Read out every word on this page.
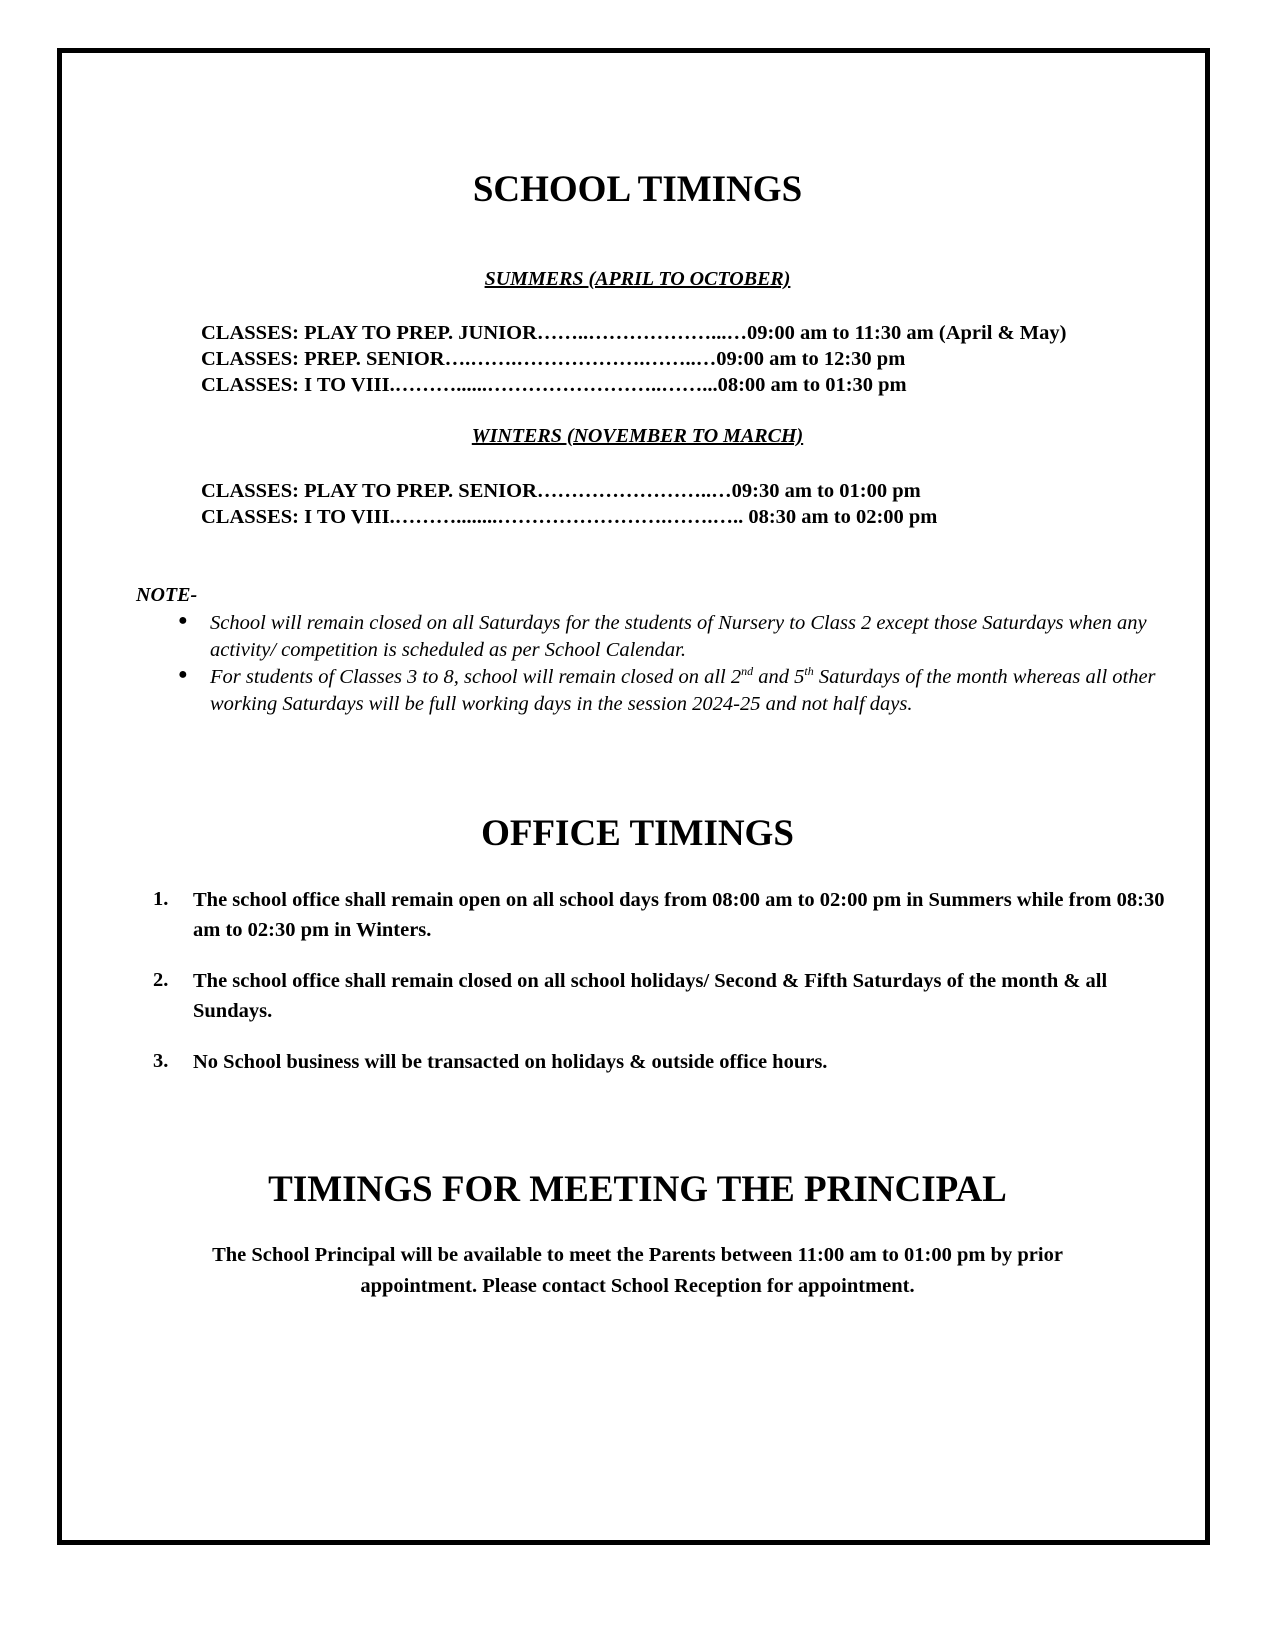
SCHOOL TIMINGS
SUMMERS (APRIL TO OCTOBER)
CLASSES: PLAY TO PREP. JUNIOR……..………………...…09:00 am to 11:30 am (April & May)
CLASSES: PREP. SENIOR….…….……………….……..…09:00 am to 12:30 pm
CLASSES: I TO VIII.………......……………………..……...08:00 am to 01:30 pm
WINTERS (NOVEMBER TO MARCH)
CLASSES: PLAY TO PREP. SENIOR……………………..…09:30 am to 01:00 pm
CLASSES: I TO VIII.………........…………………….…….….. 08:30 am to 02:00 pm
NOTE-
● School will remain closed on all Saturdays for the students of Nursery to Class 2 except those Saturdays when any activity/ competition is scheduled as per School Calendar.
● For students of Classes 3 to 8, school will remain closed on all 2nd and 5th Saturdays of the month whereas all other working Saturdays will be full working days in the session 2024-25 and not half days.
OFFICE TIMINGS
1. The school office shall remain open on all school days from 08:00 am to 02:00 pm in Summers while from 08:30 am to 02:30 pm in Winters.
2. The school office shall remain closed on all school holidays/ Second & Fifth Saturdays of the month & all Sundays.
3. No School business will be transacted on holidays & outside office hours.
TIMINGS FOR MEETING THE PRINCIPAL
The School Principal will be available to meet the Parents between 11:00 am to 01:00 pm by prior appointment. Please contact School Reception for appointment.
